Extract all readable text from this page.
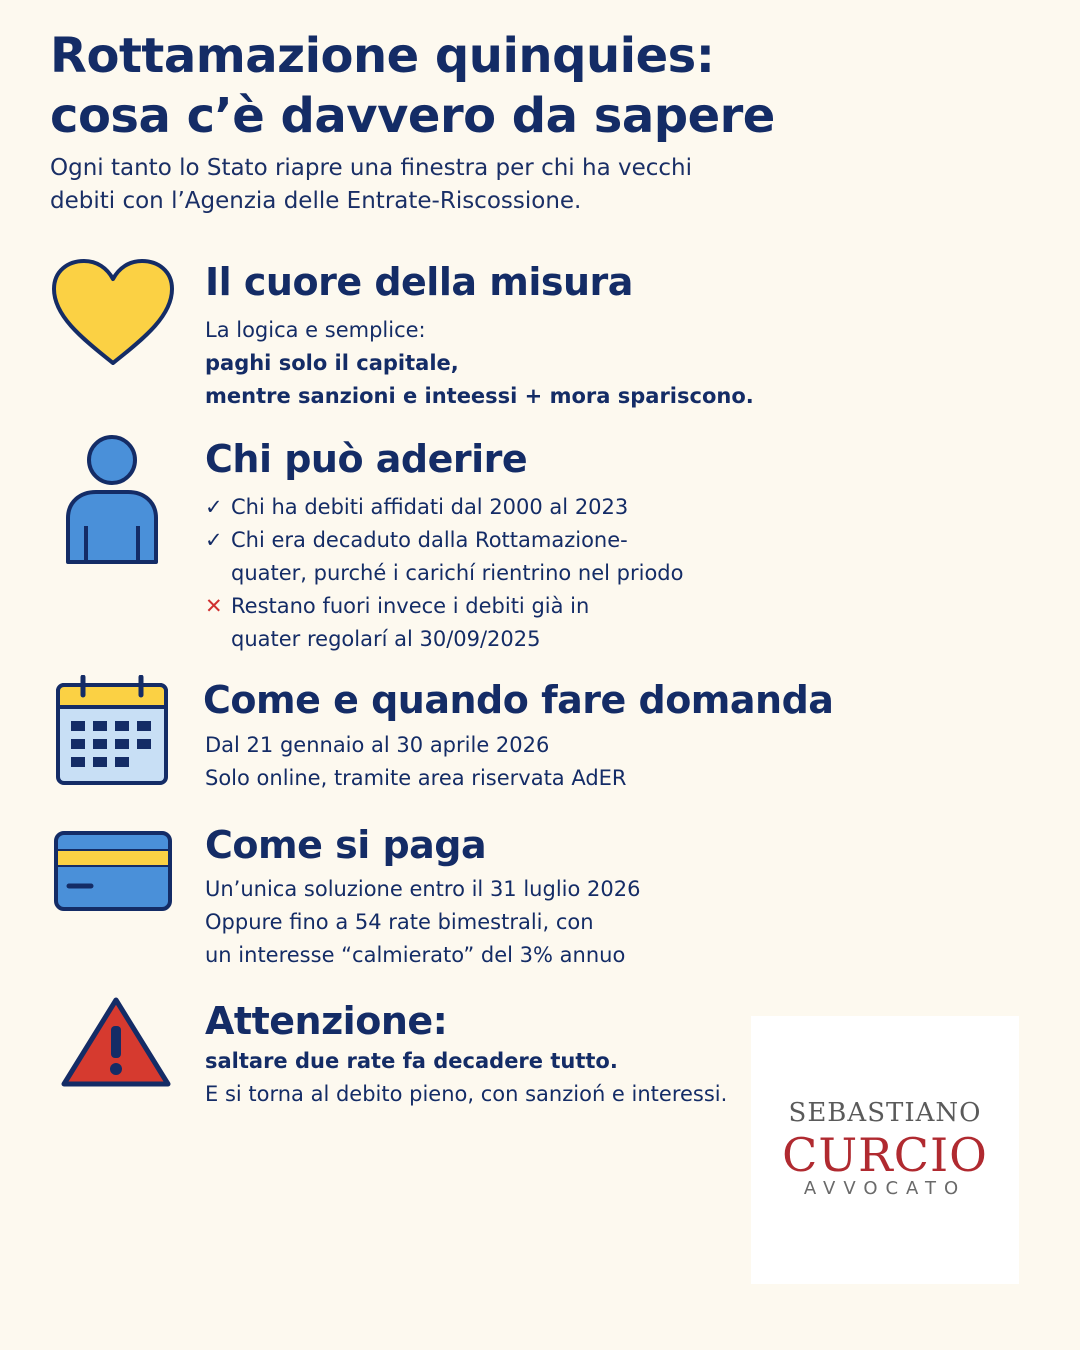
Rottamazione quinquies:
cosa c’è davvero da sapere
Ogni tanto lo Stato riapre una finestra per chi ha vecchi
debiti con l’Agenzia delle Entrate-Riscossione.
Il cuore della misura
La logica e semplice:
paghi solo il capitale,
mentre sanzioni e inteessi + mora spariscono.
Chi può aderire
✓ Chi ha debiti affidati dal 2000 al 2023
✓ Chi era decaduto dalla Rottamazione-
quater, purché i carichí rientrino nel priodo
✕ Restano fuori invece i debiti già in
quater regolarí al 30/09/2025
Come e quando fare domanda
Dal 21 gennaio al 30 aprile 2026
Solo online, tramite area riservata AdER
Come si paga
Un’unica soluzione entro il 31 luglio 2026
Oppure fino a 54 rate bimestrali, con
un interesse “calmierato” del 3% annuo
Attenzione:
saltare due rate fa decadere tutto.
E si torna al debito pieno, con sanzioń e interessi.
SEBASTIANO
CURCIO
AVVOCATO
